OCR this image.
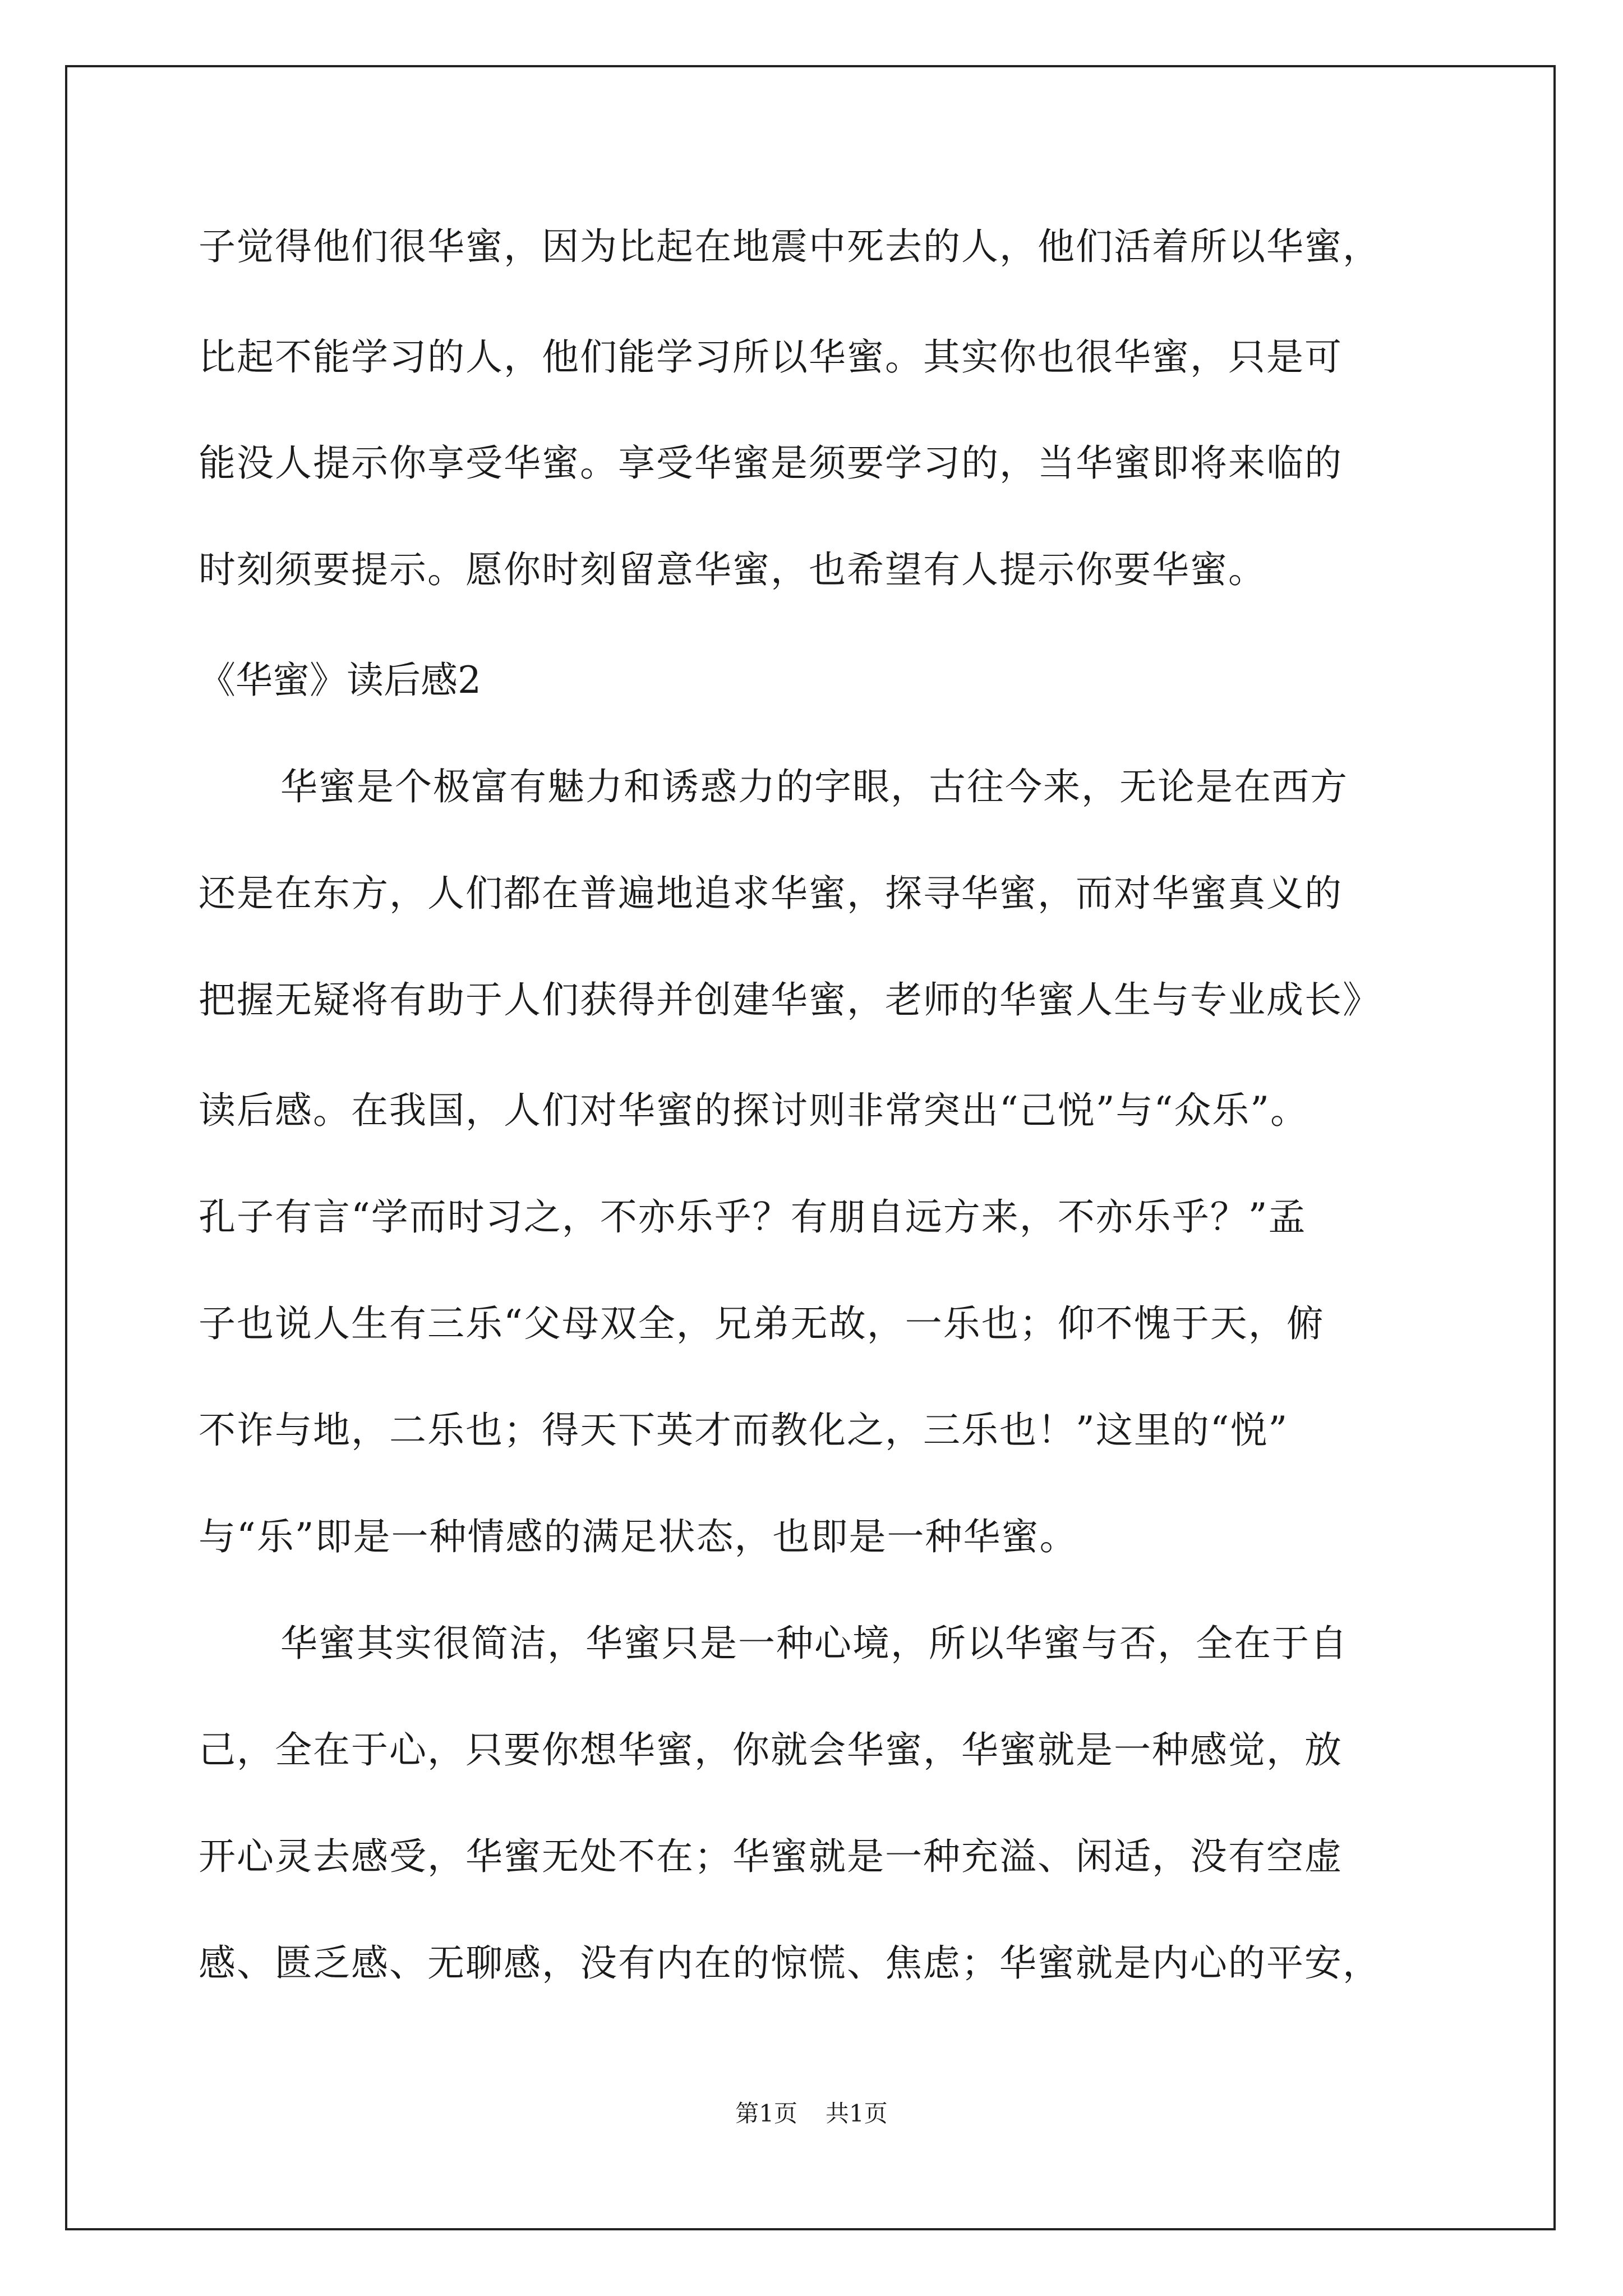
子觉得他们很华蜜，因为比起在地震中死去的人，他们活着所以华蜜，
比起不能学习的人，他们能学习所以华蜜。其实你也很华蜜，只是可
能没人提示你享受华蜜。享受华蜜是须要学习的，当华蜜即将来临的
时刻须要提示。愿你时刻留意华蜜，也希望有人提示你要华蜜。
《华蜜》读后感2
华蜜是个极富有魅力和诱惑力的字眼，古往今来，无论是在西方
还是在东方，人们都在普遍地追求华蜜，探寻华蜜，而对华蜜真义的
把握无疑将有助于人们获得并创建华蜜，老师的华蜜人生与专业成长》
读后感。在我国，人们对华蜜的探讨则非常突出“己悦”与“众乐”。
孔子有言“学而时习之，不亦乐乎？有朋自远方来，不亦乐乎？”孟
子也说人生有三乐“父母双全，兄弟无故，一乐也；仰不愧于天，俯
不诈与地，二乐也；得天下英才而教化之，三乐也！”这里的“悦”
与“乐”即是一种情感的满足状态，也即是一种华蜜。
华蜜其实很简洁，华蜜只是一种心境，所以华蜜与否，全在于自
己，全在于心，只要你想华蜜，你就会华蜜，华蜜就是一种感觉，放
开心灵去感受，华蜜无处不在；华蜜就是一种充溢、闲适，没有空虚
感、匮乏感、无聊感，没有内在的惊慌、焦虑；华蜜就是内心的平安，
第1页 共1页
